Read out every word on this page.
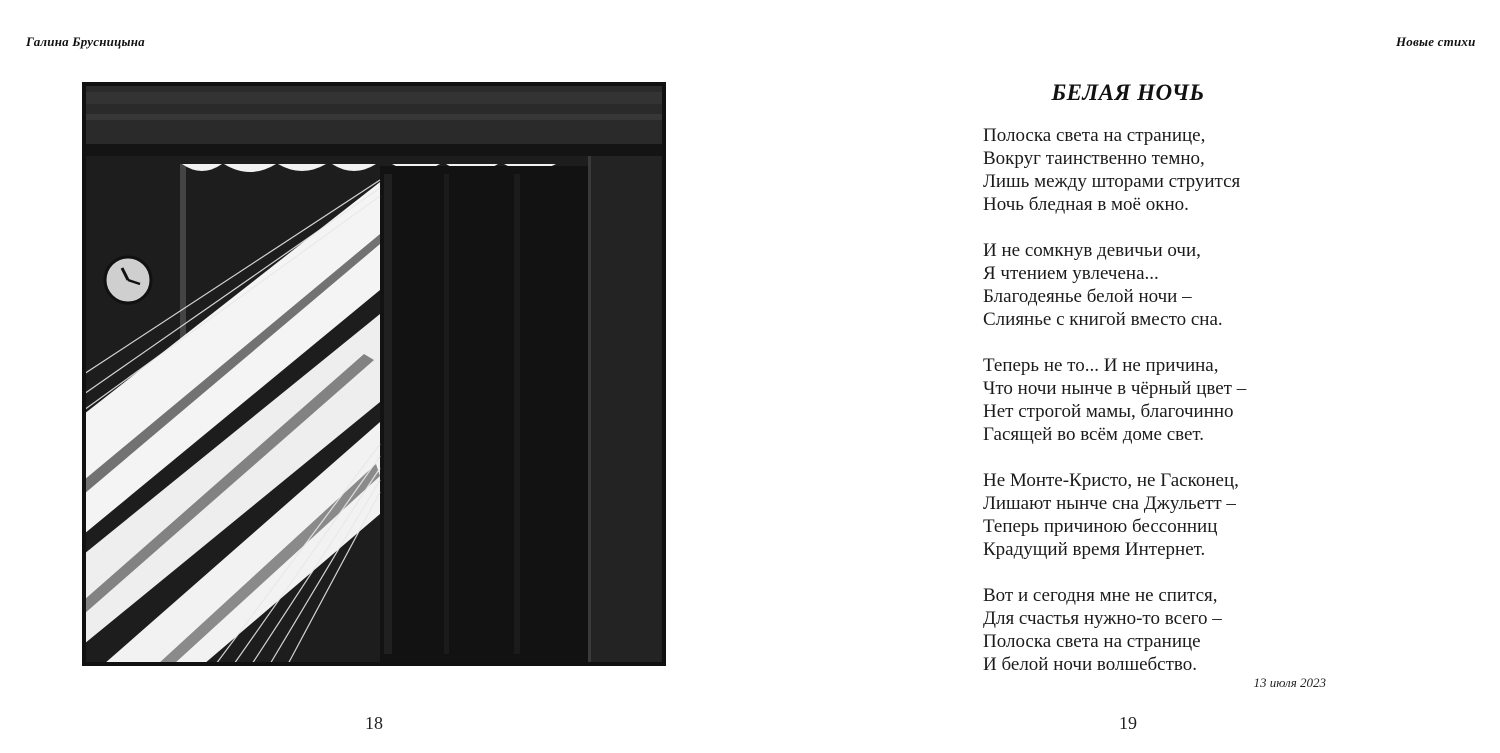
Галина Брусницына
18
Новые стихи
БЕЛАЯ НОЧЬ
Полоска света на странице,
Вокруг таинственно темно,
Лишь между шторами струится
Ночь бледная в моё окно.
И не сомкнув девичьи очи,
Я чтением увлечена...
Благодеянье белой ночи –
Слиянье с книгой вместо сна.
Теперь не то... И не причина,
Что ночи нынче в чёрный цвет –
Нет строгой мамы, благочинно
Гасящей во всём доме свет.
Не Монте-Кристо, не Гасконец,
Лишают нынче сна Джульетт –
Теперь причиною бессонниц
Крадущий время Интернет.
Вот и сегодня мне не спится,
Для счастья нужно-то всего –
Полоска света на странице
И белой ночи волшебство.
13 июля 2023
19
